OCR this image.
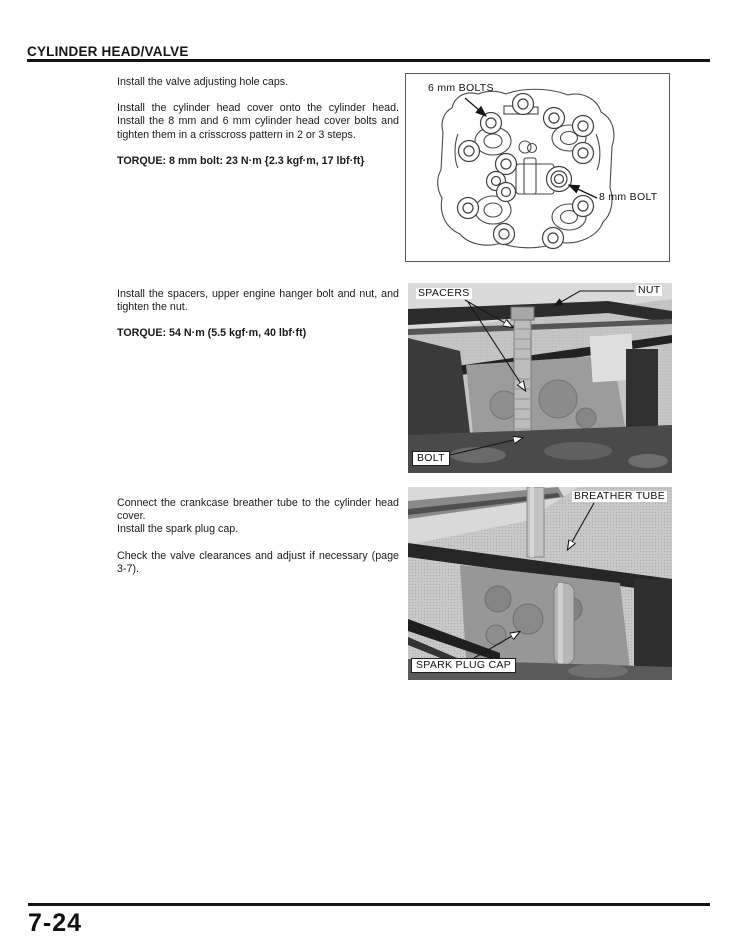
CYLINDER HEAD/VALVE

Install the valve adjusting hole caps.

Install the cylinder head cover onto the cylinder head. Install the 8 mm and 6 mm cylinder head cover bolts and tighten them in a crisscross pattern in 2 or 3 steps.

TORQUE: 8 mm bolt: 23 N·m {2.3 kgf·m, 17 lbf·ft}

Install the spacers, upper engine hanger bolt and nut, and tighten the nut.

TORQUE: 54 N·m (5.5 kgf·m, 40 lbf·ft)

Connect the crankcase breather tube to the cylinder head cover.

Install the spark plug cap.

Check the valve clearances and adjust if necessary (page 3-7).

6 mm BOLTS
8 mm BOLT
SPACERS	NUT
BOLT
BREATHER TUBE
SPARK PLUG CAP
7-24
